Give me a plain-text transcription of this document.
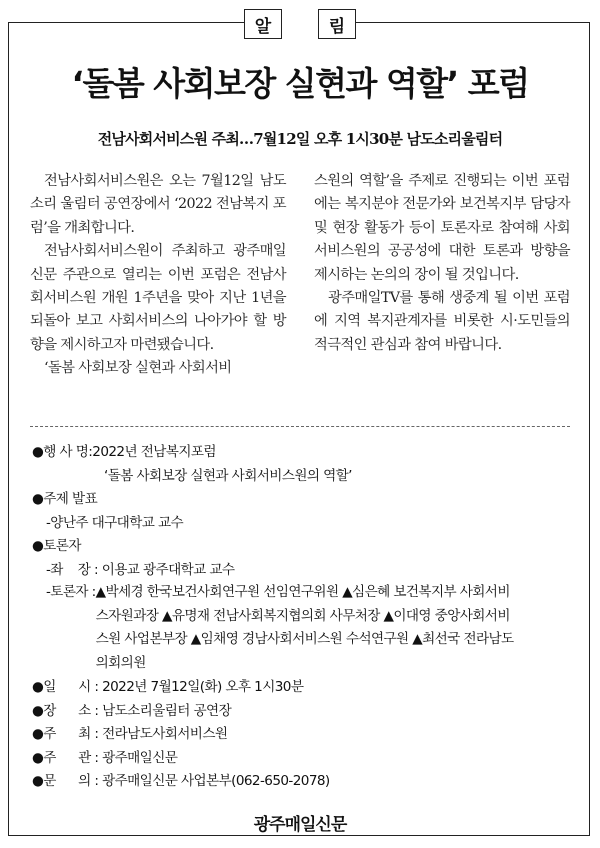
알	림
‘돌봄 사회보장 실현과 역할’ 포럼
전남사회서비스원 주최…7월12일 오후 1시30분 남도소리울림터

전남사회서비스원은 오는 7월12일 남도소리 울림터 공연장에서 ‘2022 전남복지 포럼’을 개최합니다.

전남사회서비스원이 주최하고 광주매일신문 주관으로 열리는 이번 포럼은 전남사회서비스원 개원 1주년을 맞아 지난 1년을 되돌아 보고 사회서비스의 나아가야 할 방향을 제시하고자 마련됐습니다.

‘돌봄 사회보장 실현과 사회서비

스원의 역할’을 주제로 진행되는 이번 포럼에는 복지분야 전문가와 보건복지부 담당자 및 현장 활동가 등이 토론자로 참여해 사회서비스원의 공공성에 대한 토론과 방향을 제시하는 논의의 장이 될 것입니다.

광주매일TV를 통해 생중계 될 이번 포럼에 지역 복지관계자를 비롯한 시·도민들의 적극적인 관심과 참여 바랍니다.

●행 사 명: 2022년 전남복지포럼
‘돌봄 사회보장 실현과 사회서비스원의 역할’
●주제 발표
-양난주 대구대학교 교수
●토론자
-좌    장 : 이용교 광주대학교 교수
-토론자 : ▲박세경 한국보건사회연구원 선임연구위원 ▲심은혜 보건복지부 사회서비스자원과장 ▲유명재 전남사회복지협의회 사무처장 ▲이대영 중앙사회서비스원 사업본부장 ▲임채영 경남사회서비스원 수석연구원 ▲최선국 전라남도의회의원
●일      시 : 2022년 7월12일(화) 오후 1시30분
●장      소 : 남도소리울림터 공연장
●주      최 : 전라남도사회서비스원
●주      관 : 광주매일신문
●문      의 : 광주매일신문 사업본부(062-650-2078)
광주매일신문
